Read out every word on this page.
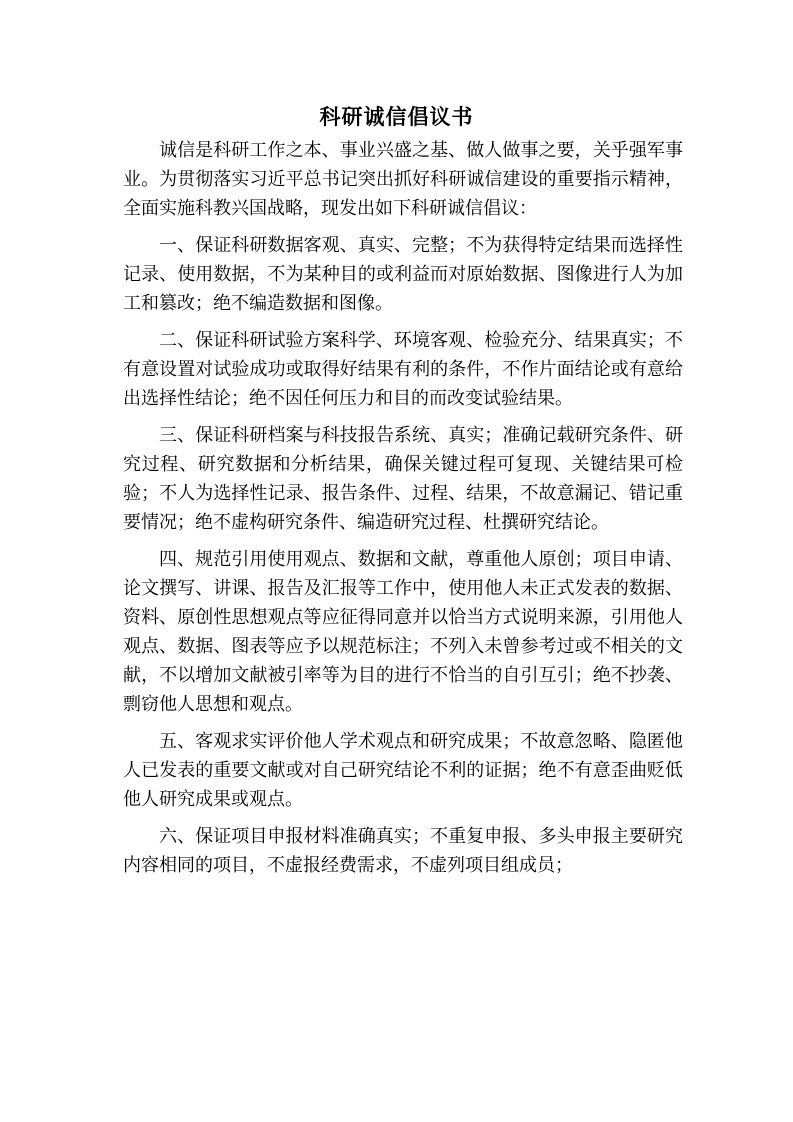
科研诚信倡议书

诚信是科研工作之本、事业兴盛之基、做人做事之要，关乎强军事业。为贯彻落实习近平总书记突出抓好科研诚信建设的重要指示精神，全面实施科教兴国战略，现发出如下科研诚信倡议：

一、保证科研数据客观、真实、完整；不为获得特定结果而选择性记录、使用数据，不为某种目的或利益而对原始数据、图像进行人为加工和篡改；绝不编造数据和图像。

二、保证科研试验方案科学、环境客观、检验充分、结果真实；不有意设置对试验成功或取得好结果有利的条件，不作片面结论或有意给出选择性结论；绝不因任何压力和目的而改变试验结果。

三、保证科研档案与科技报告系统、真实；准确记载研究条件、研究过程、研究数据和分析结果，确保关键过程可复现、关键结果可检验；不人为选择性记录、报告条件、过程、结果，不故意漏记、错记重要情况；绝不虚构研究条件、编造研究过程、杜撰研究结论。

四、规范引用使用观点、数据和文献，尊重他人原创；项目申请、论文撰写、讲课、报告及汇报等工作中，使用他人未正式发表的数据、资料、原创性思想观点等应征得同意并以恰当方式说明来源，引用他人观点、数据、图表等应予以规范标注；不列入未曾参考过或不相关的文献，不以增加文献被引率等为目的进行不恰当的自引互引；绝不抄袭、剽窃他人思想和观点。

五、客观求实评价他人学术观点和研究成果；不故意忽略、隐匿他人已发表的重要文献或对自己研究结论不利的证据；绝不有意歪曲贬低他人研究成果或观点。

六、保证项目申报材料准确真实；不重复申报、多头申报主要研究内容相同的项目，不虚报经费需求，不虚列项目组成员；
